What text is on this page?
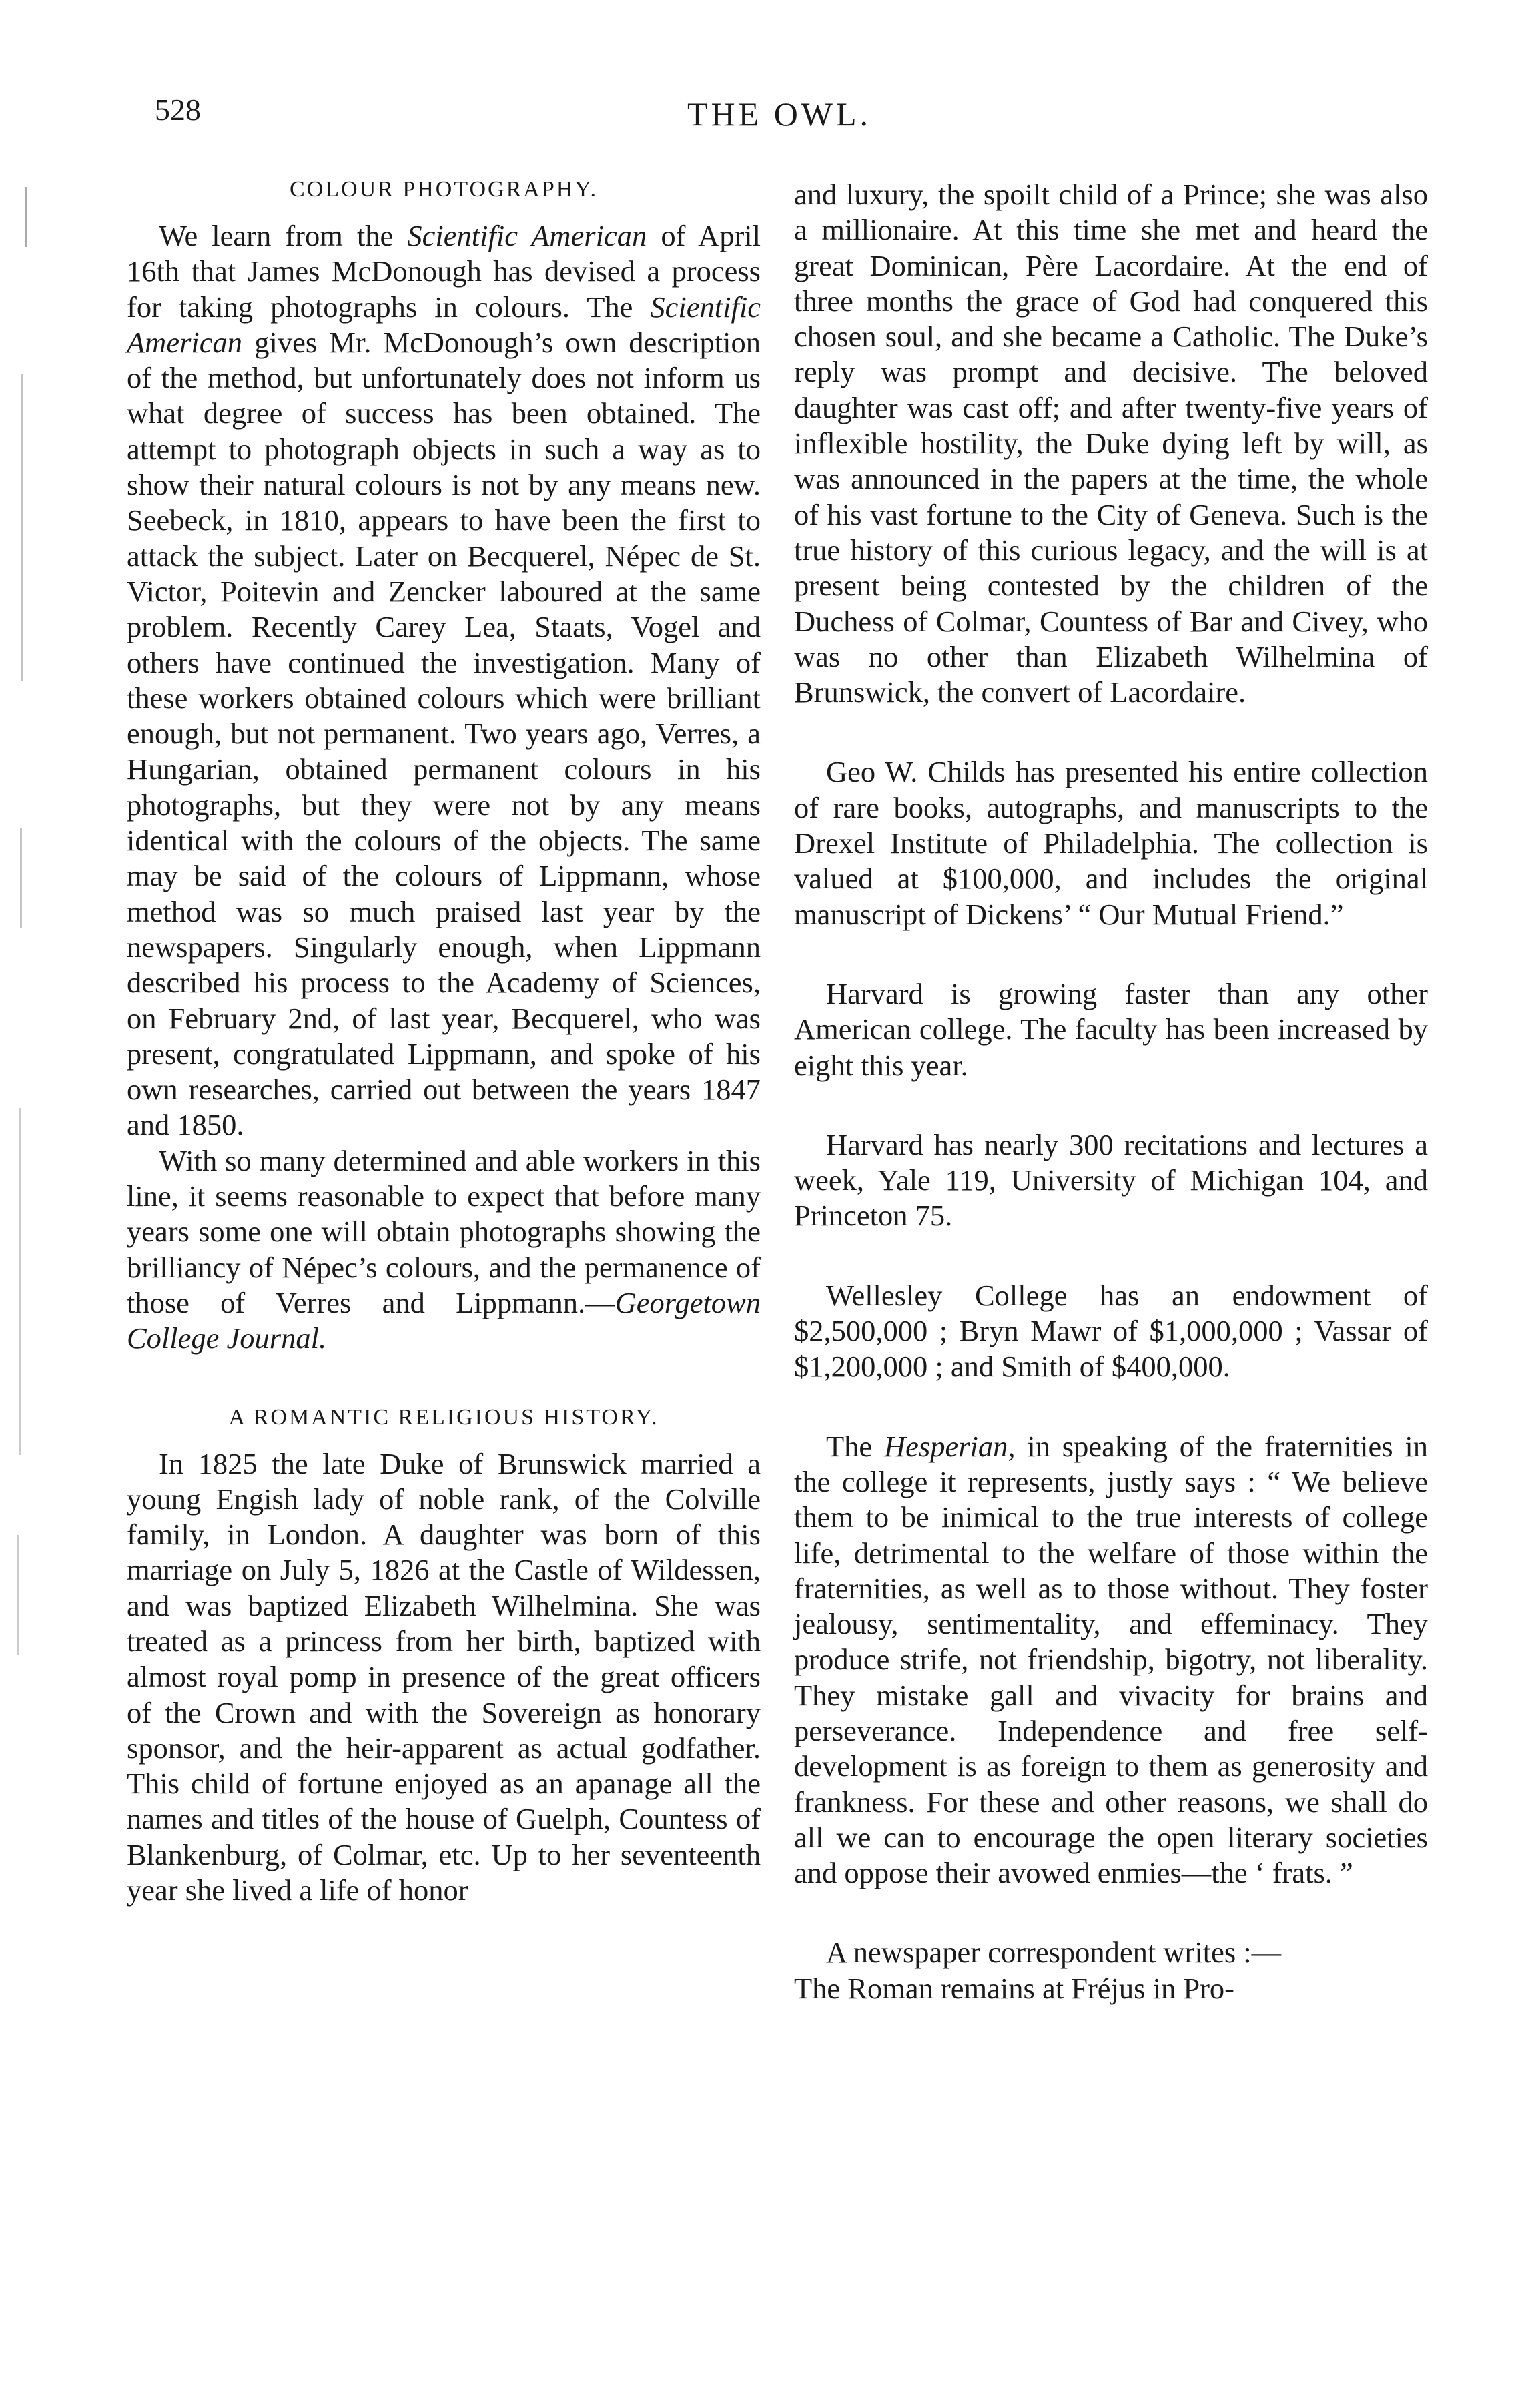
528	THE OWL.
COLOUR PHOTOGRAPHY.

We learn from the Scientific American of April 16th that James McDonough has devised a process for taking photographs in colours. The Scientific American gives Mr. McDonough’s own description of the method, but unfortunately does not inform us what degree of success has been obtained. The attempt to photograph objects in such a way as to show their natural colours is not by any means new. Seebeck, in 1810, appears to have been the first to attack the subject. Later on Becquerel, Népec de St. Victor, Poitevin and Zencker laboured at the same problem. Recently Carey Lea, Staats, Vogel and others have continued the investigation. Many of these workers obtained colours which were brilliant enough, but not permanent. Two years ago, Verres, a Hungarian, obtained permanent colours in his photographs, but they were not by any means identical with the colours of the objects. The same may be said of the colours of Lippmann, whose method was so much praised last year by the newspapers. Singularly enough, when Lippmann described his process to the Academy of Sciences, on February 2nd, of last year, Becquerel, who was present, congratulated Lippmann, and spoke of his own researches, carried out between the years 1847 and 1850.

With so many determined and able workers in this line, it seems reasonable to expect that before many years some one will obtain photographs showing the brilliancy of Népec’s colours, and the permanence of those of Verres and Lippmann.—Georgetown College Journal.

A ROMANTIC RELIGIOUS HISTORY.

In 1825 the late Duke of Brunswick married a young Engish lady of noble rank, of the Colville family, in London. A daughter was born of this marriage on July 5, 1826 at the Castle of Wildessen, and was baptized Elizabeth Wilhelmina. She was treated as a princess from her birth, baptized with almost royal pomp in presence of the great officers of the Crown and with the Sovereign as honorary sponsor, and the heir-apparent as actual godfather. This child of fortune enjoyed as an apanage all the names and titles of the house of Guelph, Countess of Blankenburg, of Colmar, etc. Up to her seventeenth year she lived a life of honor

and luxury, the spoilt child of a Prince; she was also a millionaire. At this time she met and heard the great Dominican, Père Lacordaire. At the end of three months the grace of God had conquered this chosen soul, and she became a Catholic. The Duke’s reply was prompt and decisive. The beloved daughter was cast off; and after twenty-five years of inflexible hostility, the Duke dying left by will, as was announced in the papers at the time, the whole of his vast fortune to the City of Geneva. Such is the true history of this curious legacy, and the will is at present being contested by the children of the Duchess of Colmar, Countess of Bar and Civey, who was no other than Elizabeth Wilhelmina of Brunswick, the convert of Lacordaire.

Geo W. Childs has presented his entire collection of rare books, autographs, and manuscripts to the Drexel Institute of Philadelphia. The collection is valued at $100,000, and includes the original manuscript of Dickens’ “ Our Mutual Friend.”

Harvard is growing faster than any other American college. The faculty has been increased by eight this year.

Harvard has nearly 300 recitations and lectures a week, Yale 119, University of Michigan 104, and Princeton 75.

Wellesley College has an endowment of $2,500,000 ; Bryn Mawr of $1,000,000 ; Vassar of $1,200,000 ; and Smith of $400,000.

The Hesperian, in speaking of the fraternities in the college it represents, justly says : “ We believe them to be inimical to the true interests of college life, detrimental to the welfare of those within the fraternities, as well as to those without. They foster jealousy, sentimentality, and effeminacy. They produce strife, not friendship, bigotry, not liberality. They mistake gall and vivacity for brains and perseverance. Independence and free self-development is as foreign to them as generosity and frankness. For these and other reasons, we shall do all we can to encourage the open literary societies and oppose their avowed enmies—the ‘ frats. ”

A newspaper correspondent writes :—

The Roman remains at Fréjus in Pro-
